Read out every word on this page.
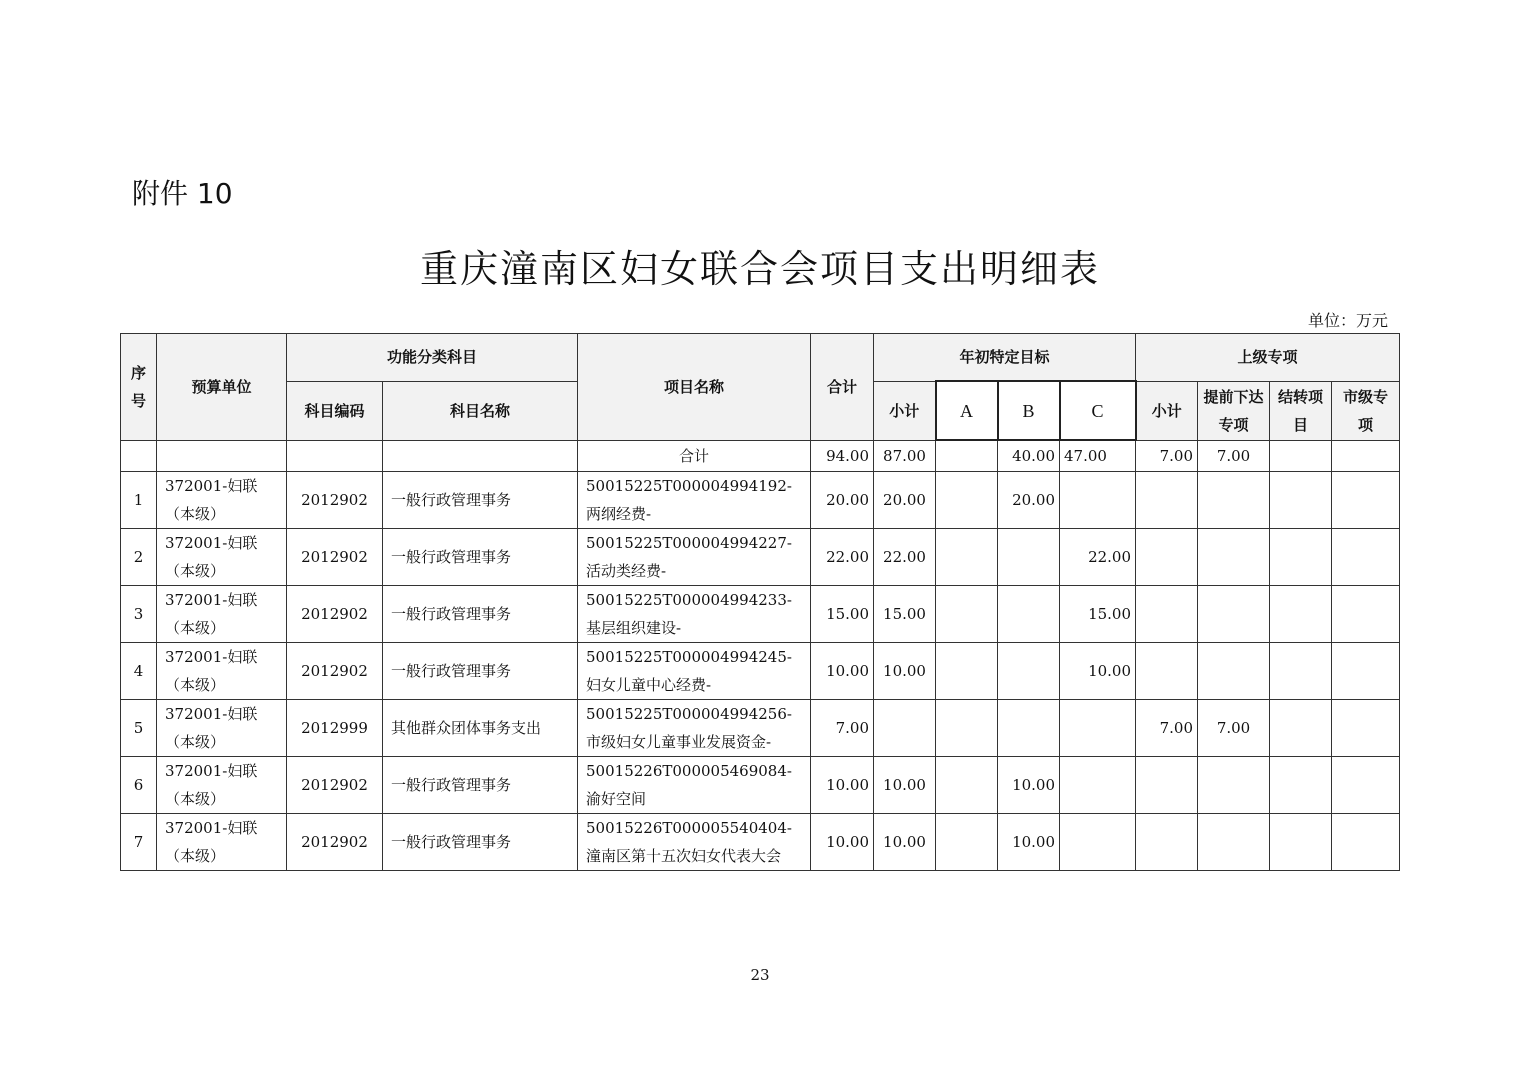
附件 10
重庆潼南区妇女联合会项目支出明细表
单位：万元
序号	预算单位	功能分类科目		项目名称	合计	年初特定目标				上级专项			
		科目编码	科目名称			小计	A	B	C	小计	提前下达专项	结转项目	市级专项
				合计	94.00	87.00		40.00	47.00	7.00	7.00		
1	372001-妇联（本级）	2012902	一般行政管理事务	50015225T000004994192-两纲经费-	20.00	20.00		20.00					
2	372001-妇联（本级）	2012902	一般行政管理事务	50015225T000004994227-活动类经费-	22.00	22.00			22.00				
3	372001-妇联（本级）	2012902	一般行政管理事务	50015225T000004994233-基层组织建设-	15.00	15.00			15.00				
4	372001-妇联（本级）	2012902	一般行政管理事务	50015225T000004994245-妇女儿童中心经费-	10.00	10.00			10.00				
5	372001-妇联（本级）	2012999	其他群众团体事务支出	50015225T000004994256-市级妇女儿童事业发展资金-	7.00					7.00	7.00		
6	372001-妇联（本级）	2012902	一般行政管理事务	50015226T000005469084-渝好空间	10.00	10.00		10.00					
7	372001-妇联（本级）	2012902	一般行政管理事务	50015226T000005540404-潼南区第十五次妇女代表大会	10.00	10.00		10.00					
23
